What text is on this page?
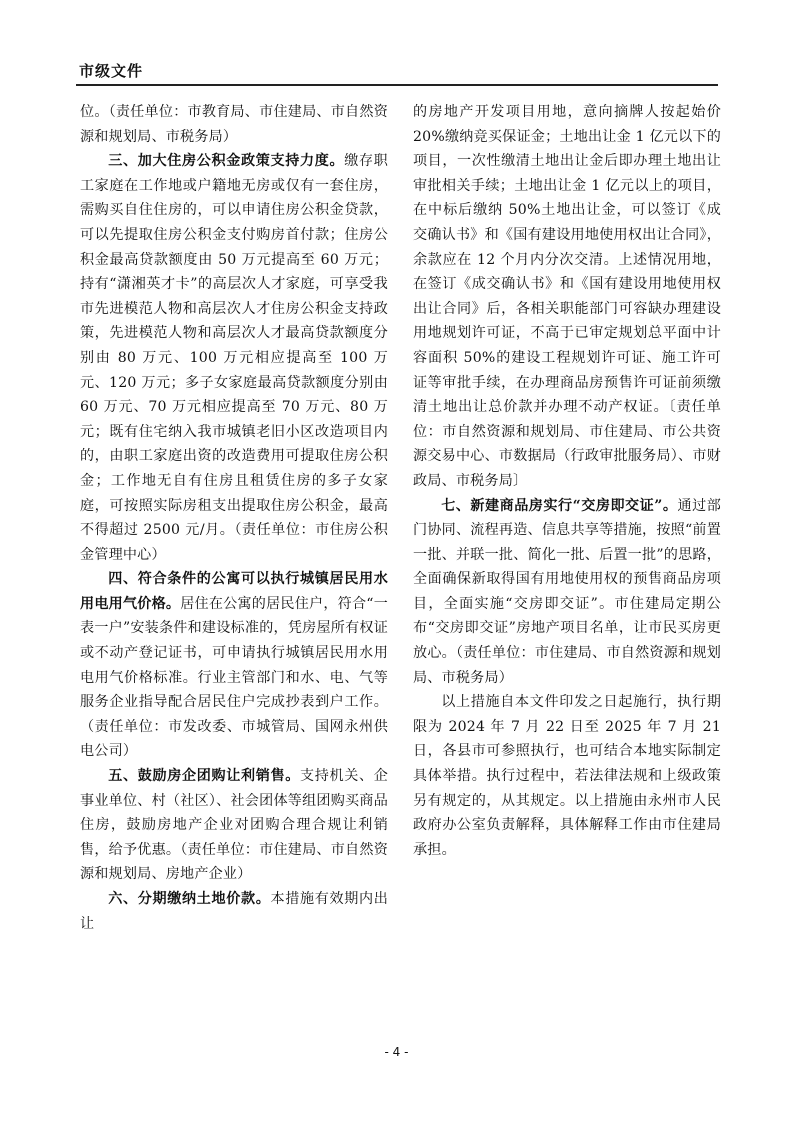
市级文件

位。（责任单位：市教育局、市住建局、市自然资源和规划局、市税务局）

三、加大住房公积金政策支持力度。缴存职工家庭在工作地或户籍地无房或仅有一套住房，需购买自住住房的，可以申请住房公积金贷款，可以先提取住房公积金支付购房首付款；住房公积金最高贷款额度由 50 万元提高至 60 万元；持有“潇湘英才卡”的高层次人才家庭，可享受我市先进模范人物和高层次人才住房公积金支持政策，先进模范人物和高层次人才最高贷款额度分别由 80 万元、100 万元相应提高至 100 万元、120 万元；多子女家庭最高贷款额度分别由 60 万元、70 万元相应提高至 70 万元、80 万元；既有住宅纳入我市城镇老旧小区改造项目内的，由职工家庭出资的改造费用可提取住房公积金；工作地无自有住房且租赁住房的多子女家庭，可按照实际房租支出提取住房公积金，最高不得超过 2500 元/月。（责任单位：市住房公积金管理中心）

四、符合条件的公寓可以执行城镇居民用水用电用气价格。居住在公寓的居民住户，符合“一表一户”安装条件和建设标准的，凭房屋所有权证或不动产登记证书，可申请执行城镇居民用水用电用气价格标准。行业主管部门和水、电、气等服务企业指导配合居民住户完成抄表到户工作。（责任单位：市发改委、市城管局、国网永州供电公司）

五、鼓励房企团购让利销售。支持机关、企事业单位、村（社区）、社会团体等组团购买商品住房，鼓励房地产企业对团购合理合规让利销售，给予优惠。（责任单位：市住建局、市自然资源和规划局、房地产企业）

六、分期缴纳土地价款。本措施有效期内出让

的房地产开发项目用地，意向摘牌人按起始价 20%缴纳竞买保证金；土地出让金 1 亿元以下的项目，一次性缴清土地出让金后即办理土地出让审批相关手续；土地出让金 1 亿元以上的项目，在中标后缴纳 50%土地出让金，可以签订《成交确认书》和《国有建设用地使用权出让合同》，余款应在 12 个月内分次交清。上述情况用地，在签订《成交确认书》和《国有建设用地使用权出让合同》后，各相关职能部门可容缺办理建设用地规划许可证，不高于已审定规划总平面中计容面积 50%的建设工程规划许可证、施工许可证等审批手续，在办理商品房预售许可证前须缴清土地出让总价款并办理不动产权证。〔责任单位：市自然资源和规划局、市住建局、市公共资源交易中心、市数据局（行政审批服务局）、市财政局、市税务局〕

七、新建商品房实行“交房即交证”。通过部门协同、流程再造、信息共享等措施，按照“前置一批、并联一批、简化一批、后置一批”的思路，全面确保新取得国有用地使用权的预售商品房项目，全面实施“交房即交证”。市住建局定期公布“交房即交证”房地产项目名单，让市民买房更放心。（责任单位：市住建局、市自然资源和规划局、市税务局）

以上措施自本文件印发之日起施行，执行期限为 2024 年 7 月 22 日至 2025 年 7 月 21 日，各县市可参照执行，也可结合本地实际制定具体举措。执行过程中，若法律法规和上级政策另有规定的，从其规定。以上措施由永州市人民政府办公室负责解释，具体解释工作由市住建局承担。

- 4 -
